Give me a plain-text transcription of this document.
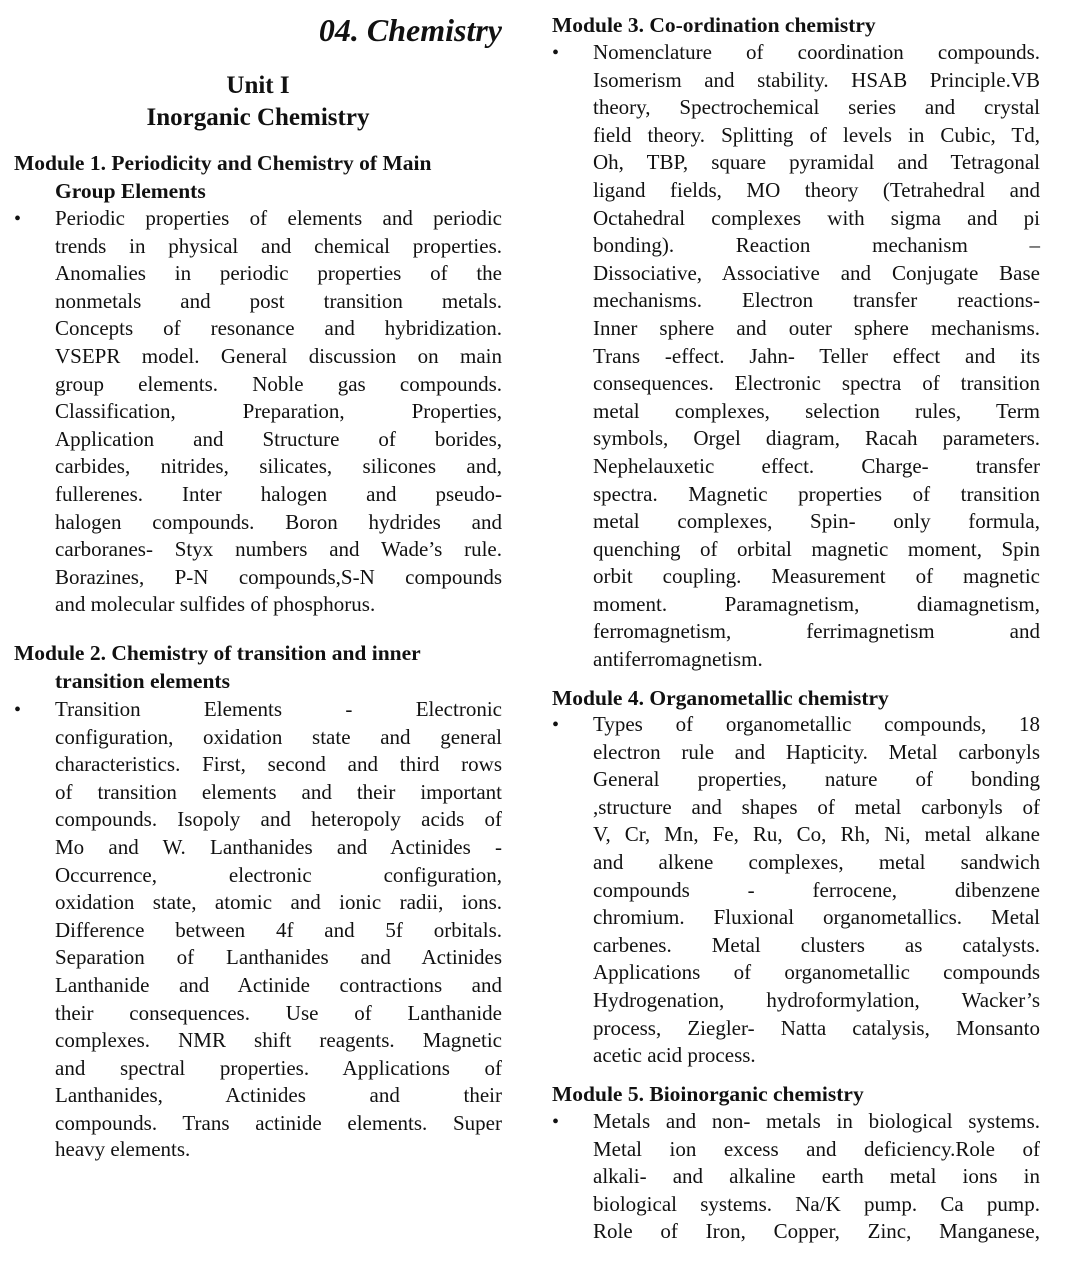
04. Chemistry
Unit I
Inorganic Chemistry
Module 1. Periodicity and Chemistry of Main
Group Elements
• Periodic properties of elements and periodic
trends in physical and chemical properties.
Anomalies in periodic properties of the
nonmetals and post transition metals.
Concepts of resonance and hybridization.
VSEPR model. General discussion on main
group elements. Noble gas compounds.
Classification, Preparation, Properties,
Application and Structure of borides,
carbides, nitrides, silicates, silicones and,
fullerenes. Inter halogen and pseudo-
halogen compounds. Boron hydrides and
carboranes- Styx numbers and Wade’s rule.
Borazines, P-N compounds,S-N compounds
and molecular sulfides of phosphorus.
Module 2. Chemistry of transition and inner
transition elements
• Transition Elements - Electronic
configuration, oxidation state and general
characteristics. First, second and third rows
of transition elements and their important
compounds. Isopoly and heteropoly acids of
Mo and W. Lanthanides and Actinides -
Occurrence, electronic configuration,
oxidation state, atomic and ionic radii, ions.
Difference between 4f and 5f orbitals.
Separation of Lanthanides and Actinides
Lanthanide and Actinide contractions and
their consequences. Use of Lanthanide
complexes. NMR shift reagents. Magnetic
and spectral properties. Applications of
Lanthanides, Actinides and their
compounds. Trans actinide elements. Super
heavy elements.
Module 3. Co-ordination chemistry
• Nomenclature of coordination compounds.
Isomerism and stability. HSAB Principle.VB
theory, Spectrochemical series and crystal
field theory. Splitting of levels in Cubic, Td,
Oh, TBP, square pyramidal and Tetragonal
ligand fields, MO theory (Tetrahedral and
Octahedral complexes with sigma and pi
bonding). Reaction mechanism –
Dissociative, Associative and Conjugate Base
mechanisms. Electron transfer reactions-
Inner sphere and outer sphere mechanisms.
Trans -effect. Jahn- Teller effect and its
consequences. Electronic spectra of transition
metal complexes, selection rules, Term
symbols, Orgel diagram, Racah parameters.
Nephelauxetic effect. Charge- transfer
spectra. Magnetic properties of transition
metal complexes, Spin- only formula,
quenching of orbital magnetic moment, Spin
orbit coupling. Measurement of magnetic
moment. Paramagnetism, diamagnetism,
ferromagnetism, ferrimagnetism and
antiferromagnetism.
Module 4. Organometallic chemistry
• Types of organometallic compounds, 18
electron rule and Hapticity. Metal carbonyls
General properties, nature of bonding
,structure and shapes of metal carbonyls of
V, Cr, Mn, Fe, Ru, Co, Rh, Ni, metal alkane
and alkene complexes, metal sandwich
compounds - ferrocene, dibenzene
chromium. Fluxional organometallics. Metal
carbenes. Metal clusters as catalysts.
Applications of organometallic compounds
Hydrogenation, hydroformylation, Wacker’s
process, Ziegler- Natta catalysis, Monsanto
acetic acid process.
Module 5. Bioinorganic chemistry
• Metals and non- metals in biological systems.
Metal ion excess and deficiency.Role of
alkali- and alkaline earth metal ions in
biological systems. Na/K pump. Ca pump.
Role of Iron, Copper, Zinc, Manganese,
